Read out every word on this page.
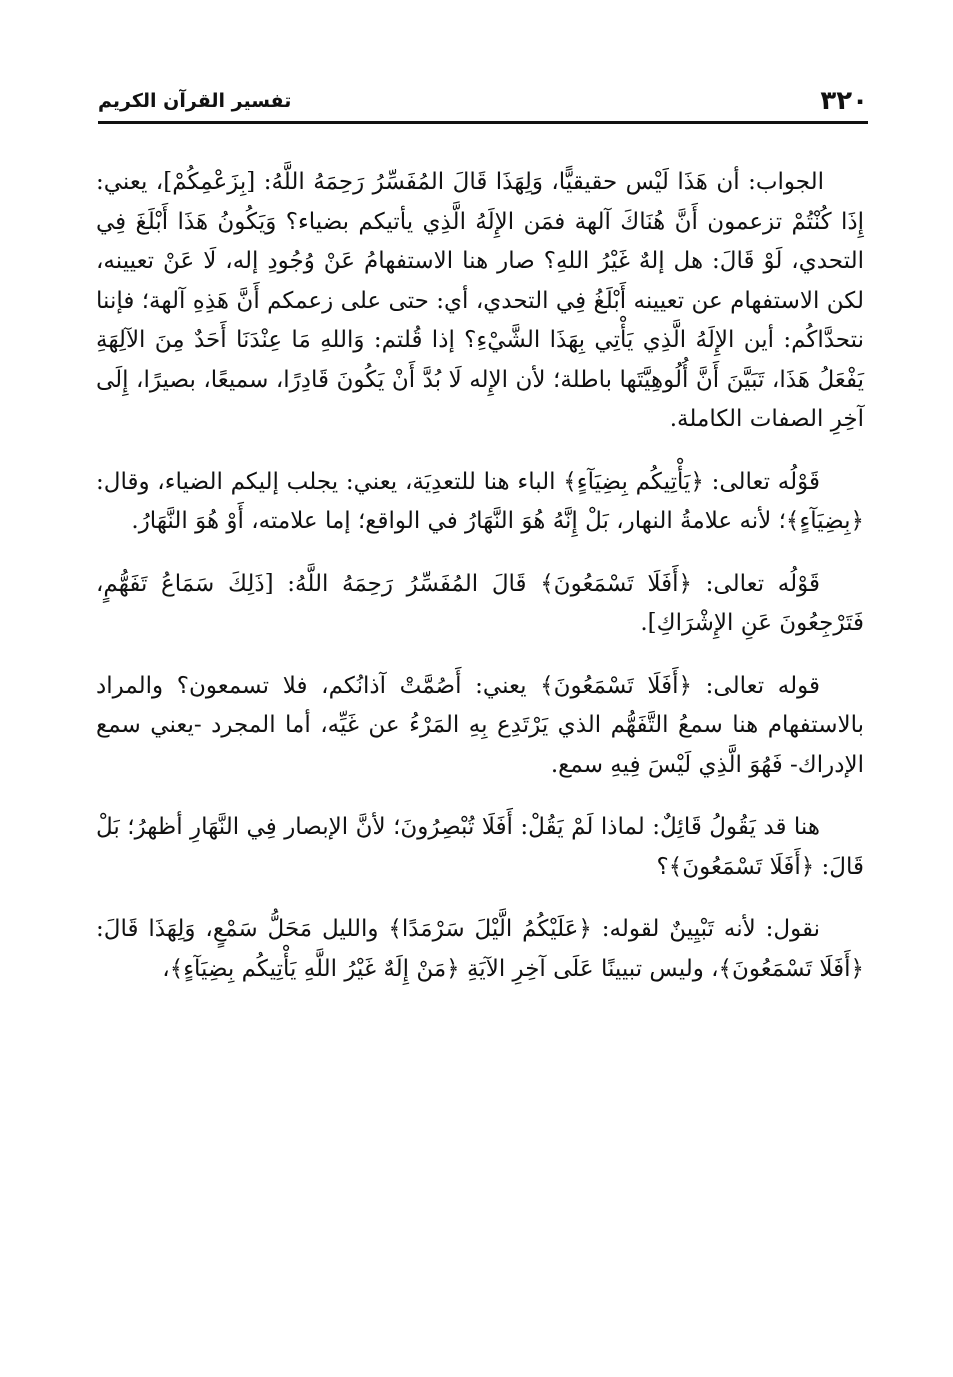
٣٢٠
تفسير القرآن الكريم

الجواب: أن هَذَا لَيْس حقيقيًّا، وَلِهَذَا قَالَ المُفَسِّرُ رَحِمَهُ اللَّهُ: [بِزَعْمِكُمْ]، يعني: إِذَا كُنْتُمْ تزعمون أَنَّ هُنَاكَ آلهة فمَن الإِلَهُ الَّذِي يأتيكم بضياء؟ وَيَكُونُ هَذَا أَبْلَغَ فِي التحدي، لَوْ قَالَ: هل إلهٌ غَيْرُ اللهِ؟ صار هنا الاستفهامُ عَنْ وُجُودِ إله، لَا عَنْ تعيينه، لكن الاستفهام عن تعيينه أَبْلَغُ فِي التحدي، أي: حتى على زعمكم أَنَّ هَذِهِ آلهة؛ فإننا نتحدَّاكُم: أين الإِلَهُ الَّذِي يَأْتِي بِهَذَا الشَّيْءِ؟ إذا قُلتم: وَاللهِ مَا عِنْدَنَا أَحَدٌ مِنَ الآلِهَةِ يَفْعَلُ هَذَا، تَبَيَّنَ أَنَّ أُلُوهِيَّتَها باطلة؛ لأن الإِله لَا بُدَّ أَنْ يَكُونَ قَادِرًا، سميعًا، بصيرًا، إِلَى آخِرِ الصفات الكاملة.

قَوْلُه تعالى: ﴿يَأْتِيكُم بِضِيَآءٍ﴾ الباء هنا للتعدِيَة، يعني: يجلب إليكم الضياء، وقال: ﴿بِضِيَآءٍ﴾؛ لأنه علامةُ النهار، بَلْ إِنَّهُ هُوَ النَّهَارُ في الواقع؛ إما علامته، أَوْ هُوَ النَّهَارُ.

قَوْلُه تعالى: ﴿أَفَلَا تَسْمَعُونَ﴾ قَالَ المُفَسِّرُ رَحِمَهُ اللَّهُ: [ذَلِكَ سَمَاعُ تَفَهُّمٍ، فَتَرْجِعُونَ عَنِ الإِشْرَاكِ].

قوله تعالى: ﴿أَفَلَا تَسْمَعُونَ﴾ يعني: أَصُمَّتْ آذانُكم، فلا تسمعون؟ والمراد بالاستفهام هنا سمعُ التَّفَهُّم الذي يَرْتَدِع بِهِ المَرْءُ عن غَيِّه، أما المجرد -يعني سمع الإدراك- فَهُوَ الَّذِي لَيْسَ فِيهِ سمع.

هنا قد يَقُولُ قَائِلٌ: لماذا لَمْ يَقُلْ: أَفَلَا تُبْصِرُونَ؛ لأنَّ الإبصار فِي النَّهَارِ أظهرُ؛ بَلْ قَالَ: ﴿أَفَلَا تَسْمَعُونَ﴾؟

نقول: لأنه تَبْيِينٌ لقوله: ﴿عَلَيْكُمُ الَّيْلَ سَرْمَدًا﴾ والليل مَحَلُّ سَمْعٍ، وَلِهَذَا قَالَ: ﴿أَفَلَا تَسْمَعُونَ﴾، وليس تبيينًا عَلَى آخِرِ الآيَةِ ﴿مَنْ إِلَهٌ غَيْرُ اللَّهِ يَأْتِيكُم بِضِيَآءٍ﴾،
